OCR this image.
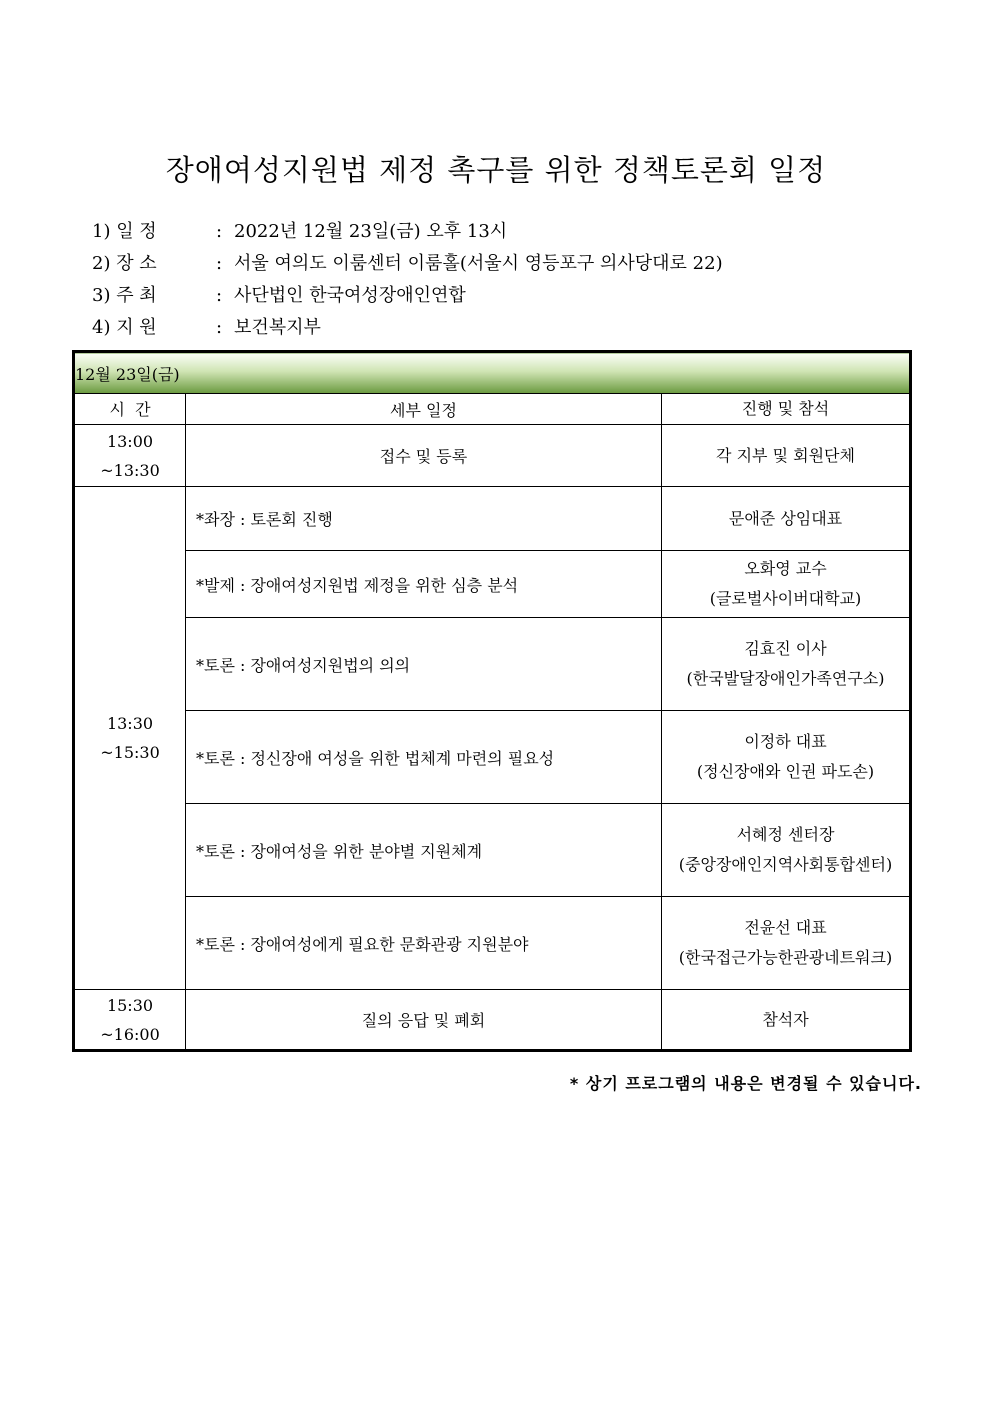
장애여성지원법 제정 촉구를 위한 정책토론회 일정
1) 일 정	: 2022년 12월 23일(금) 오후 13시
2) 장 소	: 서울 여의도 이룸센터 이룸홀(서울시 영등포구 의사당대로 22)
3) 주 최	: 사단법인 한국여성장애인연합
4) 지 원	: 보건복지부
12월 23일(금)		
시  간	세부 일정	진행 및 참석

13:00
~13:30	접수 및 등록	각 지부 및 회원단체

13:30
~15:30	*좌장 : 토론회 진행	문애준 상임대표

	*발제 : 장애여성지원법 제정을 위한 심층 분석	오화영 교수
(글로벌사이버대학교)

	*토론 : 장애여성지원법의 의의	김효진 이사
(한국발달장애인가족연구소)

	*토론 : 정신장애 여성을 위한 법체계 마련의 필요성	이정하 대표
(정신장애와 인권 파도손)

	*토론 : 장애여성을 위한 분야별 지원체계	서혜정 센터장
(중앙장애인지역사회통합센터)

	*토론 : 장애여성에게 필요한 문화관광 지원분야	전윤선 대표
(한국접근가능한관광네트워크)

15:30
~16:00	질의 응답 및 폐회	참석자
* 상기 프로그램의 내용은 변경될 수 있습니다.
